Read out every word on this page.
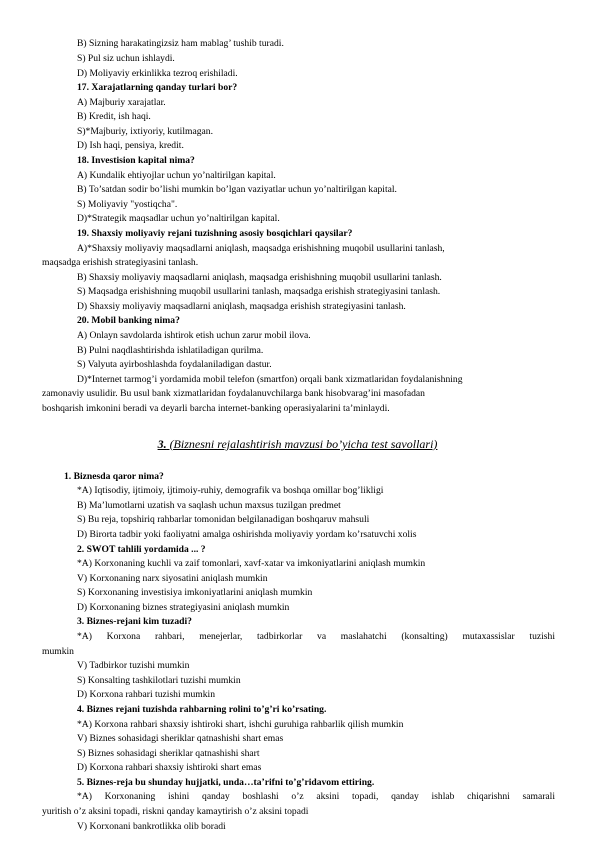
B) Sizning harakatingizsiz ham mablag’ tushib turadi.
S) Pul siz uchun ishlaydi.
D) Moliyaviy erkinlikka tezroq erishiladi.
17. Xarajatlarning qanday turlari bor?
A) Majburiy xarajatlar.
B) Kredit, ish haqi.
S)*Majburiy, ixtiyoriy, kutilmagan.
D) Ish haqi, pensiya, kredit.
18. Investision kapital nima?
A) Kundalik ehtiyojlar uchun yo’naltirilgan kapital.
B) To’satdan sodir bo’lishi mumkin bo’lgan vaziyatlar uchun yo’naltirilgan kapital.
S) Moliyaviy "yostiqcha".
D)*Strategik maqsadlar uchun yo’naltirilgan kapital.
19. Shaxsiy moliyaviy rejani tuzishning asosiy bosqichlari qaysilar?
A)*Shaxsiy moliyaviy maqsadlarni aniqlash, maqsadga erishishning muqobil usullarini tanlash,
maqsadga erishish strategiyasini tanlash.
B) Shaxsiy moliyaviy maqsadlarni aniqlash, maqsadga erishishning muqobil usullarini tanlash.
S) Maqsadga erishishning muqobil usullarini tanlash, maqsadga erishish strategiyasini tanlash.
D) Shaxsiy moliyaviy maqsadlarni aniqlash, maqsadga erishish strategiyasini tanlash.
20. Mobil banking nima?
A) Onlayn savdolarda ishtirok etish uchun zarur mobil ilova.
B) Pulni naqdlashtirishda ishlatiladigan qurilma.
S) Valyuta ayirboshlashda foydalaniladigan dastur.
D)*Internet tarmog’i yordamida mobil telefon (smartfon) orqali bank xizmatlaridan foydalanishning
zamonaviy usulidir. Bu usul bank xizmatlaridan foydalanuvchilarga bank hisobvarag’ini masofadan
boshqarish imkonini beradi va deyarli barcha internet-banking operasiyalarini ta’minlaydi.
3. (Biznesni rejalashtirish mavzusi bo’yicha test savollari)
1. Biznesda qaror nima?
*A) Iqtisodiy, ijtimoiy, ijtimoiy-ruhiy, demografik va boshqa omillar bog’likligi
B) Ma’lumotlarni uzatish va saqlash uchun maxsus tuzilgan predmet
S) Bu reja, topshiriq rahbarlar tomonidan belgilanadigan boshqaruv mahsuli
D) Birorta tadbir yoki faoliyatni amalga oshirishda moliyaviy yordam ko’rsatuvchi xolis
2. SWOT tahlili yordamida ... ?
*A) Korxonaning kuchli va zaif tomonlari, xavf-xatar va imkoniyatlarini aniqlash mumkin
V) Korxonaning narx siyosatini aniqlash mumkin
S) Korxonaning investisiya imkoniyatlarini aniqlash mumkin
D) Korxonaning biznes strategiyasini aniqlash mumkin
3. Biznes-rejani kim tuzadi?
*A) Korxona rahbari, menejerlar, tadbirkorlar va maslahatchi (konsalting) mutaxassislar tuzishi
mumkin
V) Tadbirkor tuzishi mumkin
S) Konsalting tashkilotlari tuzishi mumkin
D) Korxona rahbari tuzishi mumkin
4. Biznes rejani tuzishda rahbarning rolini to’g’ri ko’rsating.
*A) Korxona rahbari shaxsiy ishtiroki shart, ishchi guruhiga rahbarlik qilish mumkin
V) Biznes sohasidagi sheriklar qatnashishi shart emas
S) Biznes sohasidagi sheriklar qatnashishi shart
D) Korxona rahbari shaxsiy ishtiroki shart emas
5. Biznes-reja bu shunday hujjatki, unda…ta’rifni to’g’ridavom ettiring.
*A) Korxonaning ishini qanday boshlashi o’z aksini topadi, qanday ishlab chiqarishni samarali
yuritish o’z aksini topadi, riskni qanday kamaytirish o’z aksini topadi
V) Korxonani bankrotlikka olib boradi
